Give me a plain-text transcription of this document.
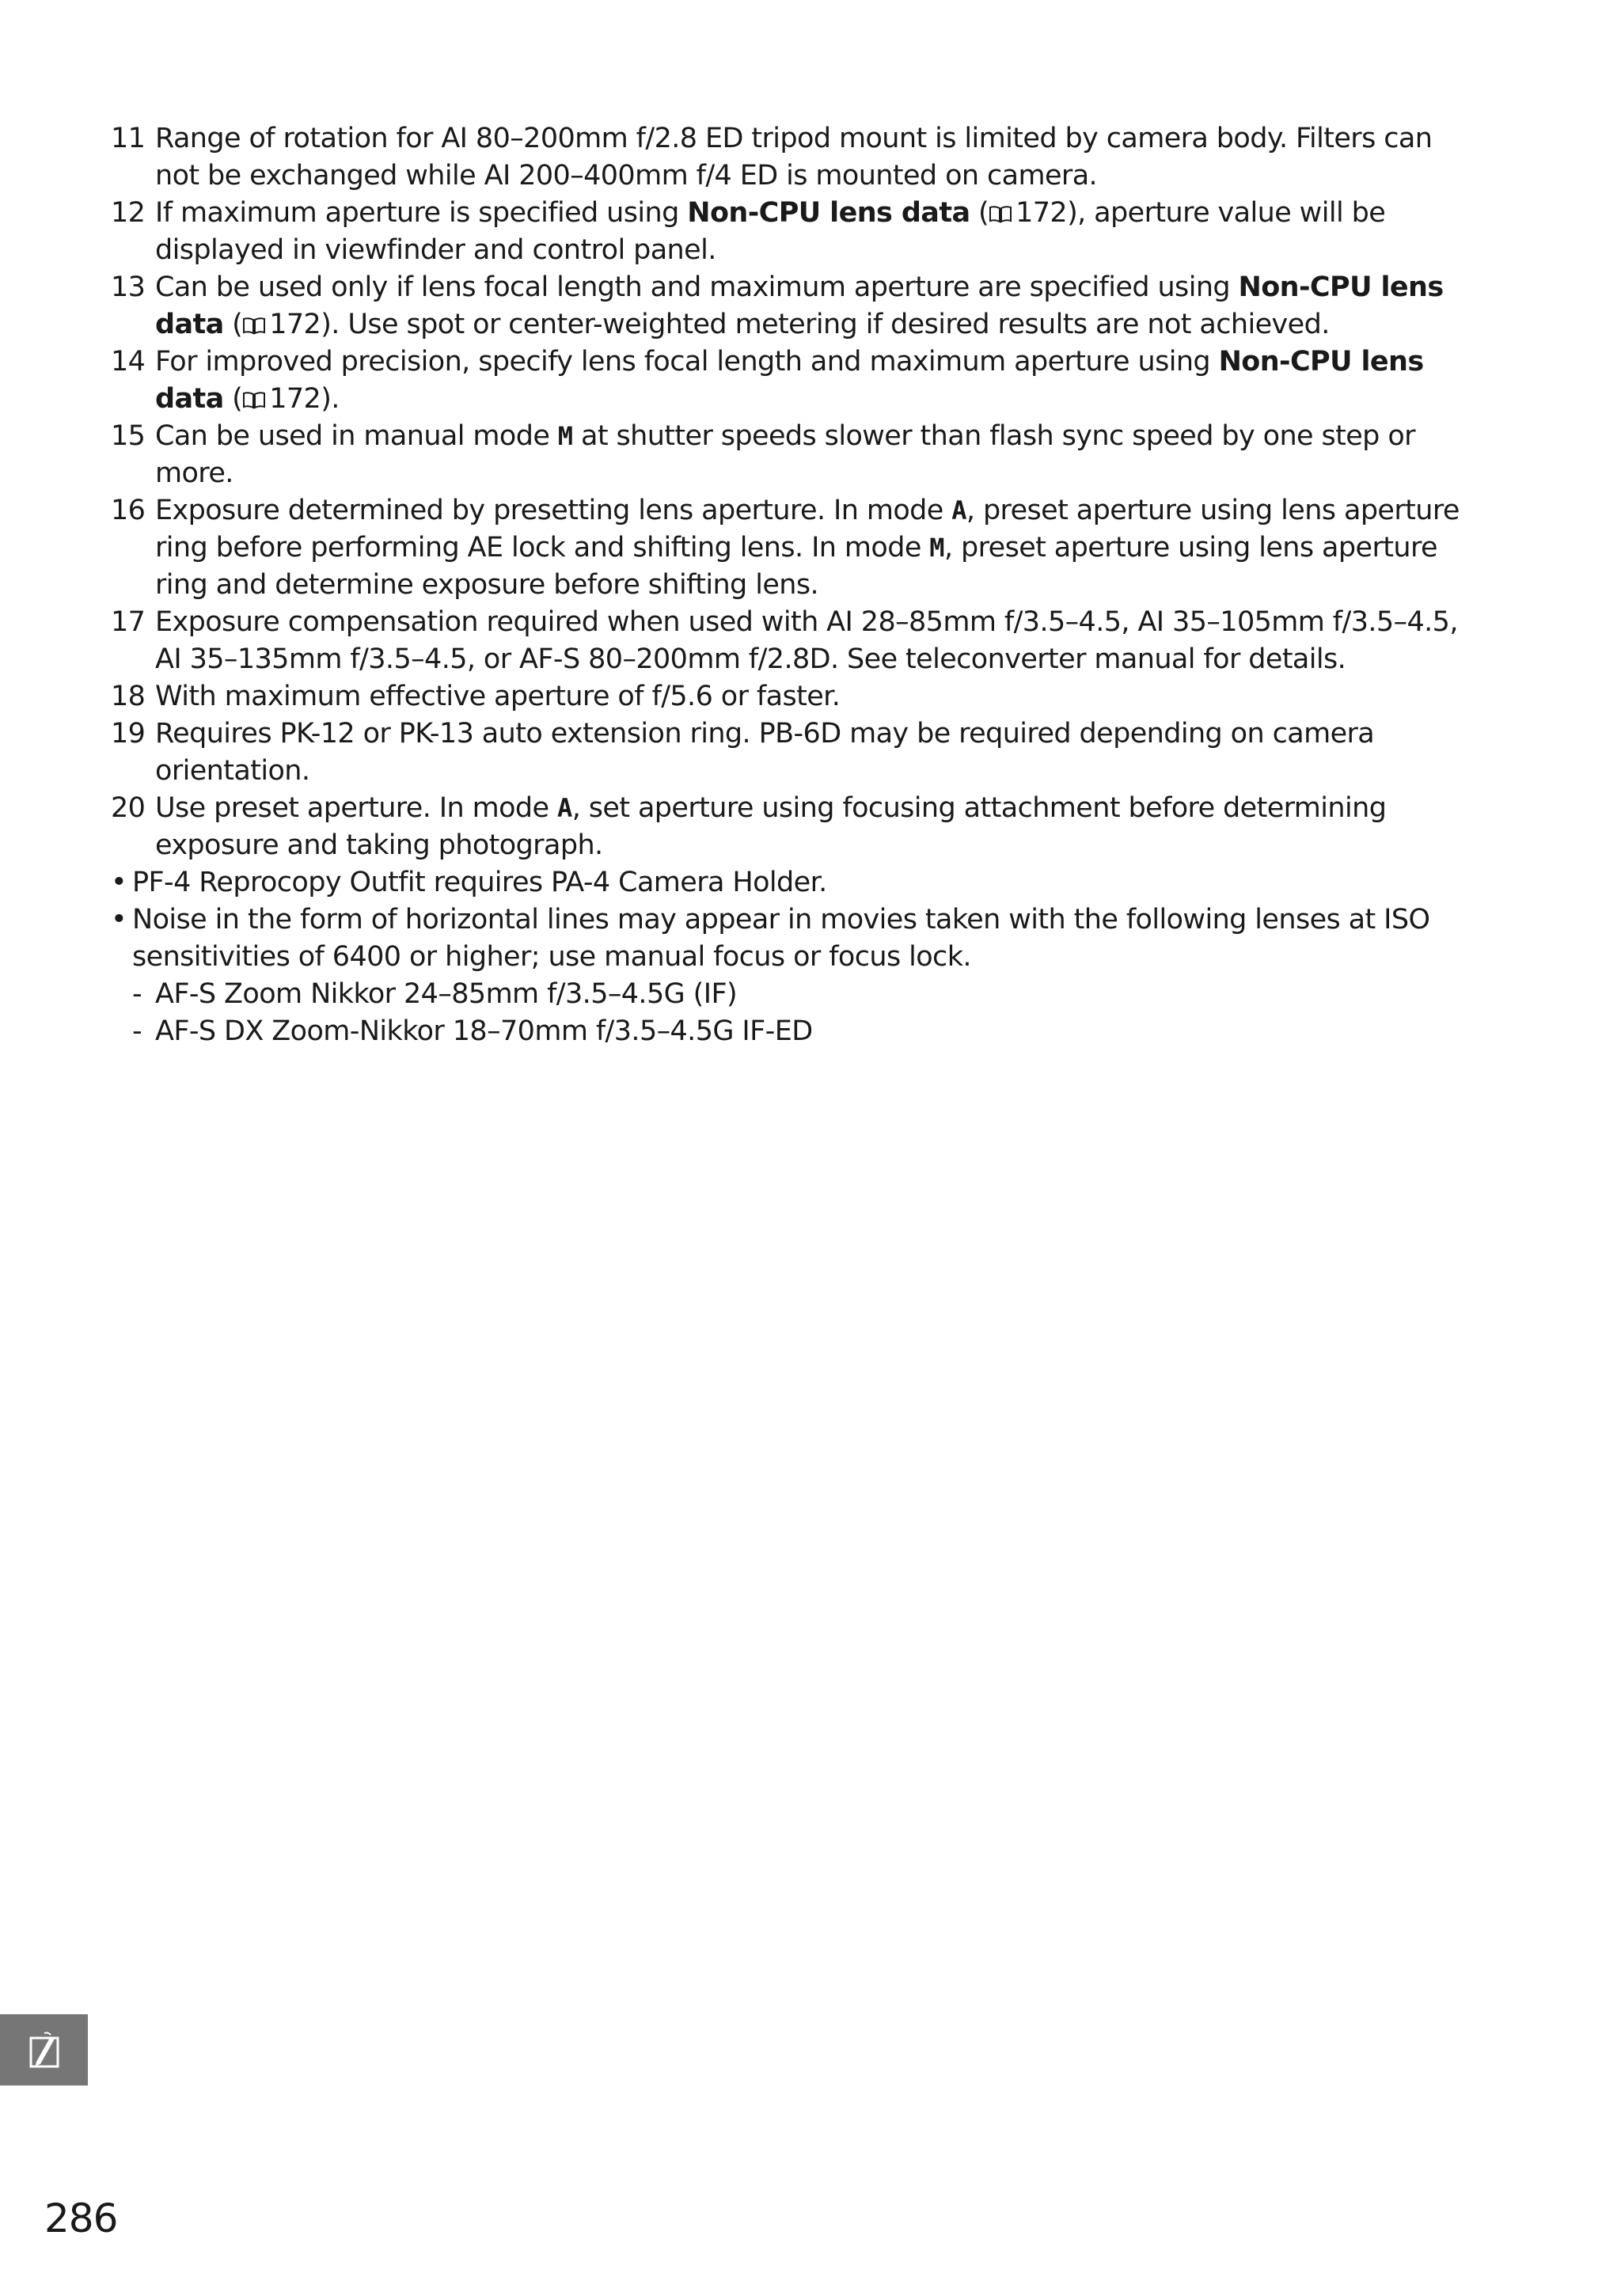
11 Range of rotation for AI 80–200mm f/2.8 ED tripod mount is limited by camera body. Filters can not be exchanged while AI 200–400mm f/4 ED is mounted on camera.
12 If maximum aperture is specified using Non-CPU lens data ( 172), aperture value will be displayed in viewfinder and control panel.
13 Can be used only if lens focal length and maximum aperture are specified using Non-CPU lens data ( 172). Use spot or center-weighted metering if desired results are not achieved.
14 For improved precision, specify lens focal length and maximum aperture using Non-CPU lens data ( 172).
15 Can be used in manual mode M at shutter speeds slower than flash sync speed by one step or more.
16 Exposure determined by presetting lens aperture. In mode A, preset aperture using lens aperture ring before performing AE lock and shifting lens. In mode M, preset aperture using lens aperture ring and determine exposure before shifting lens.
17 Exposure compensation required when used with AI 28–85mm f/3.5–4.5, AI 35–105mm f/3.5–4.5, AI 35–135mm f/3.5–4.5, or AF-S 80–200mm f/2.8D. See teleconverter manual for details.
18 With maximum effective aperture of f/5.6 or faster.
19 Requires PK-12 or PK-13 auto extension ring. PB-6D may be required depending on camera orientation.
20 Use preset aperture. In mode A, set aperture using focusing attachment before determining exposure and taking photograph.
• PF-4 Reprocopy Outfit requires PA-4 Camera Holder.
• Noise in the form of horizontal lines may appear in movies taken with the following lenses at ISO sensitivities of 6400 or higher; use manual focus or focus lock.
- AF-S Zoom Nikkor 24–85mm f/3.5–4.5G (IF)
- AF-S DX Zoom-Nikkor 18–70mm f/3.5–4.5G IF-ED
286
